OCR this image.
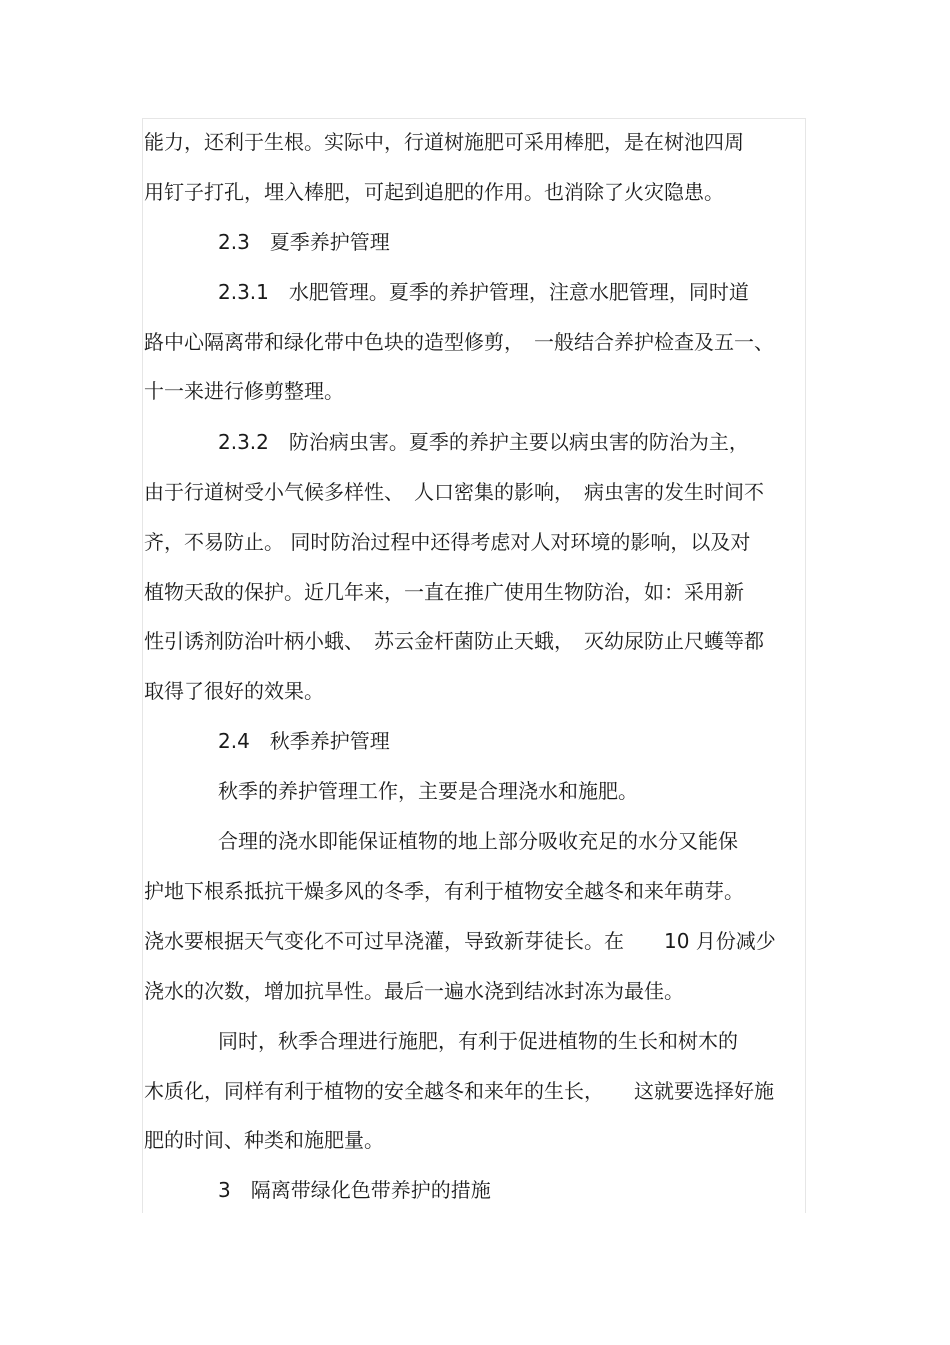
能力，还利于生根。实际中，行道树施肥可采用棒肥，是在树池四周
用钉子打孔，埋入棒肥，可起到追肥的作用。也消除了火灾隐患。
2.3　夏季养护管理
2.3.1　水肥管理。夏季的养护管理，注意水肥管理，同时道
路中心隔离带和绿化带中色块的造型修剪，　一般结合养护检查及五一、
十一来进行修剪整理。
2.3.2　防治病虫害。夏季的养护主要以病虫害的防治为主，
由于行道树受小气候多样性、　人口密集的影响，　病虫害的发生时间不
齐，不易防止。 同时防治过程中还得考虑对人对环境的影响，以及对
植物天敌的保护。近几年来，一直在推广使用生物防治，如：采用新
性引诱剂防治叶柄小蛾、　苏云金杆菌防止天蛾，　灭幼尿防止尺蠖等都
取得了很好的效果。
2.4　秋季养护管理
秋季的养护管理工作，主要是合理浇水和施肥。
合理的浇水即能保证植物的地上部分吸收充足的水分又能保
护地下根系抵抗干燥多风的冬季，有利于植物安全越冬和来年萌芽。
浇水要根据天气变化不可过早浇灌，导致新芽徒长。在　　10 月份减少
浇水的次数，增加抗旱性。最后一遍水浇到结冰封冻为最佳。
同时，秋季合理进行施肥，有利于促进植物的生长和树木的
木质化，同样有利于植物的安全越冬和来年的生长，　　这就要选择好施
肥的时间、种类和施肥量。
3　隔离带绿化色带养护的措施
